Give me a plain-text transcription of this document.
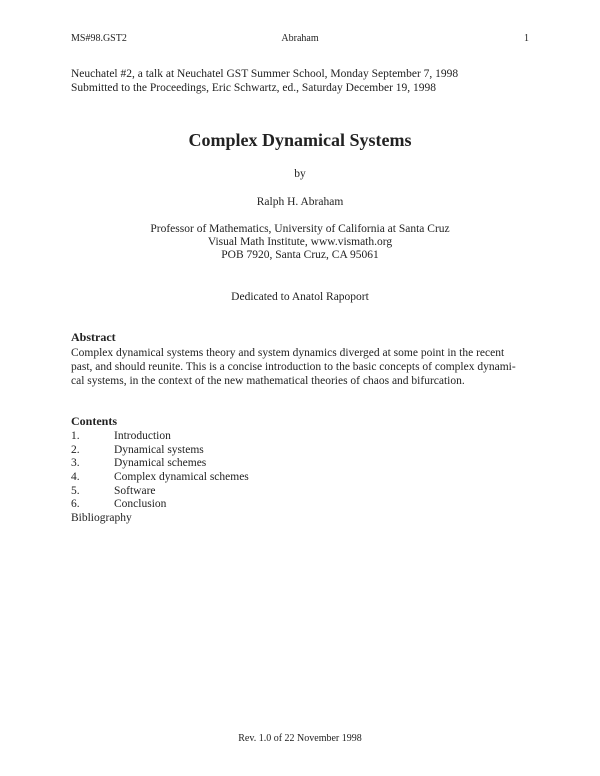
MS#98.GST2	Abraham	1
Neuchatel #2, a talk at Neuchatel GST Summer School, Monday September 7, 1998
Submitted to the Proceedings, Eric Schwartz, ed., Saturday December 19, 1998
Complex Dynamical Systems
by
Ralph H. Abraham
Professor of Mathematics, University of California at Santa Cruz
Visual Math Institute, www.vismath.org
POB 7920, Santa Cruz, CA 95061
Dedicated to Anatol Rapoport
Abstract
Complex dynamical systems theory and system dynamics diverged at some point in the recent
past, and should reunite. This is a concise introduction to the basic concepts of complex dynami-
cal systems, in the context of the new mathematical theories of chaos and bifurcation.
Contents
1.	Introduction
2.	Dynamical systems
3.	Dynamical schemes
4.	Complex dynamical schemes
5.	Software
6.	Conclusion
Bibliography
Rev. 1.0 of 22 November 1998
